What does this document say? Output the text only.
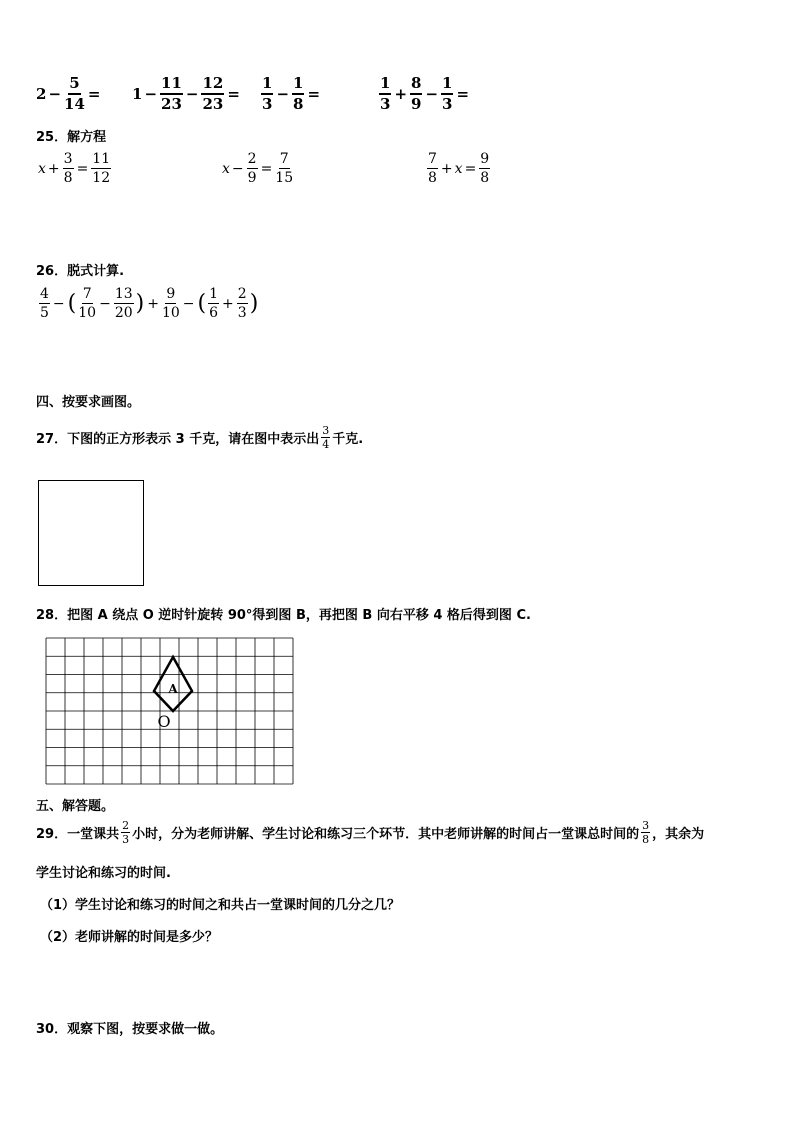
$2 - \frac{5}{14} = 1 - \frac{11}{23} - \frac{12}{23} = \frac{1}{3} - \frac{1}{8}$ =	$\frac{1}{3} + \frac{8}{9} - \frac{1}{3}$ =
25．解方程
$x + \frac{3}{8} = \frac{11}{12}$	$x - \frac{2}{9} = \frac{7}{15}$	$\frac{7}{8} + x = \frac{9}{8}$
26．脱式计算.
$\frac{4}{5}$ − ( $\frac{7}{10} - \frac{13}{20}$ ) + $\frac{9}{10}$ − ( $\frac{1}{6} + \frac{2}{3}$ )
四、按要求画图。
27．下图的正方形表示 3 千克，请在图中表示出 $\frac{3}{4}$ 千克.
28．把图 A 绕点 O 逆时针旋转 90°得到图 B，再把图 B 向右平移 4 格后得到图 C.
A
O
五、解答题。
29．一堂课共 $\frac{2}{3}$ 小时，分为老师讲解、学生讨论和练习三个环节．其中老师讲解的时间占一堂课总时间的 $\frac{3}{8}$ ，其余为
学生讨论和练习的时间.
（1）学生讨论和练习的时间之和共占一堂课时间的几分之几？
（2）老师讲解的时间是多少？
30．观察下图，按要求做一做。
